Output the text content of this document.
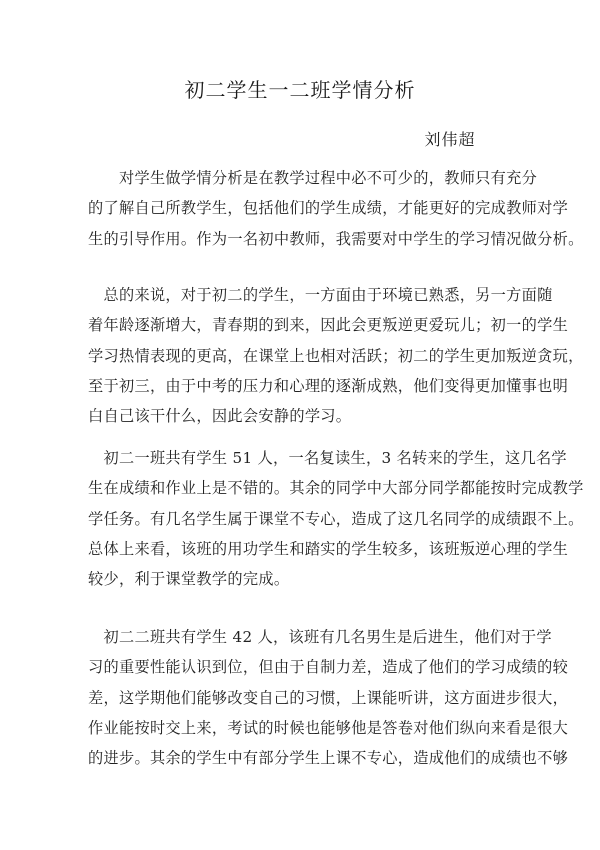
初二学生一二班学情分析
刘伟超
　　对学生做学情分析是在教学过程中必不可少的，教师只有充分
的了解自己所教学生，包括他们的学生成绩，才能更好的完成教师对学
生的引导作用。作为一名初中教师，我需要对中学生的学习情况做分析。
　总的来说，对于初二的学生，一方面由于环境已熟悉，另一方面随
着年龄逐渐增大，青春期的到来，因此会更叛逆更爱玩儿；初一的学生
学习热情表现的更高，在课堂上也相对活跃；初二的学生更加叛逆贪玩，
至于初三，由于中考的压力和心理的逐渐成熟，他们变得更加懂事也明
白自己该干什么，因此会安静的学习。
　初二一班共有学生 51 人，一名复读生，3 名转来的学生，这几名学
生在成绩和作业上是不错的。其余的同学中大部分同学都能按时完成教学
学任务。有几名学生属于课堂不专心，造成了这几名同学的成绩跟不上。
总体上来看，该班的用功学生和踏实的学生较多，该班叛逆心理的学生
较少，利于课堂教学的完成。
　初二二班共有学生 42 人，该班有几名男生是后进生，他们对于学
习的重要性能认识到位，但由于自制力差，造成了他们的学习成绩的较
差，这学期他们能够改变自己的习惯，上课能听讲，这方面进步很大，
作业能按时交上来，考试的时候也能够他是答卷对他们纵向来看是很大
的进步。其余的学生中有部分学生上课不专心，造成他们的成绩也不够
